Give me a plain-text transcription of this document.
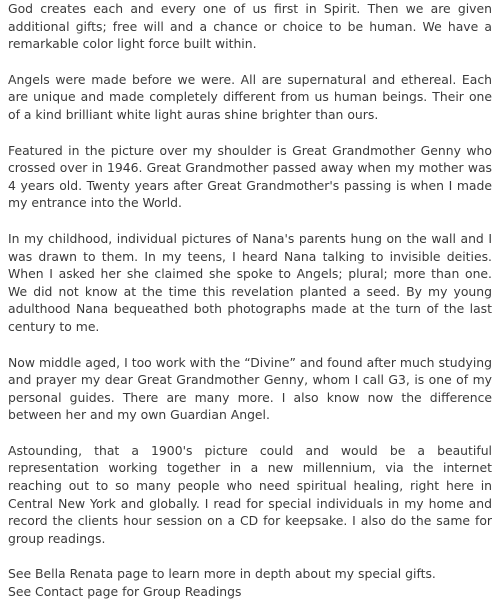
God creates each and every one of us first in Spirit. Then we are given additional gifts; free will and a chance or choice to be human. We have a remarkable color light force built within.

Angels were made before we were. All are supernatural and ethereal. Each are unique and made completely different from us human beings. Their one of a kind brilliant white light auras shine brighter than ours.

Featured in the picture over my shoulder is Great Grandmother Genny who crossed over in 1946. Great Grandmother passed away when my mother was 4 years old. Twenty years after Great Grandmother's passing is when I made my entrance into the World.

In my childhood, individual pictures of Nana's parents hung on the wall and I was drawn to them. In my teens, I heard Nana talking to invisible deities. When I asked her she claimed she spoke to Angels; plural; more than one. We did not know at the time this revelation planted a seed. By my young adulthood Nana bequeathed both photographs made at the turn of the last century to me.

Now middle aged, I too work with the “Divine” and found after much studying and prayer my dear Great Grandmother Genny, whom I call G3, is one of my personal guides. There are many more. I also know now the difference between her and my own Guardian Angel.

Astounding, that a 1900's picture could and would be a beautiful representation working together in a new millennium, via the internet reaching out to so many people who need spiritual healing, right here in Central New York and globally. I read for special individuals in my home and record the clients hour session on a CD for keepsake. I also do the same for group readings.

See Bella Renata page to learn more in depth about my special gifts.
See Contact page for Group Readings
